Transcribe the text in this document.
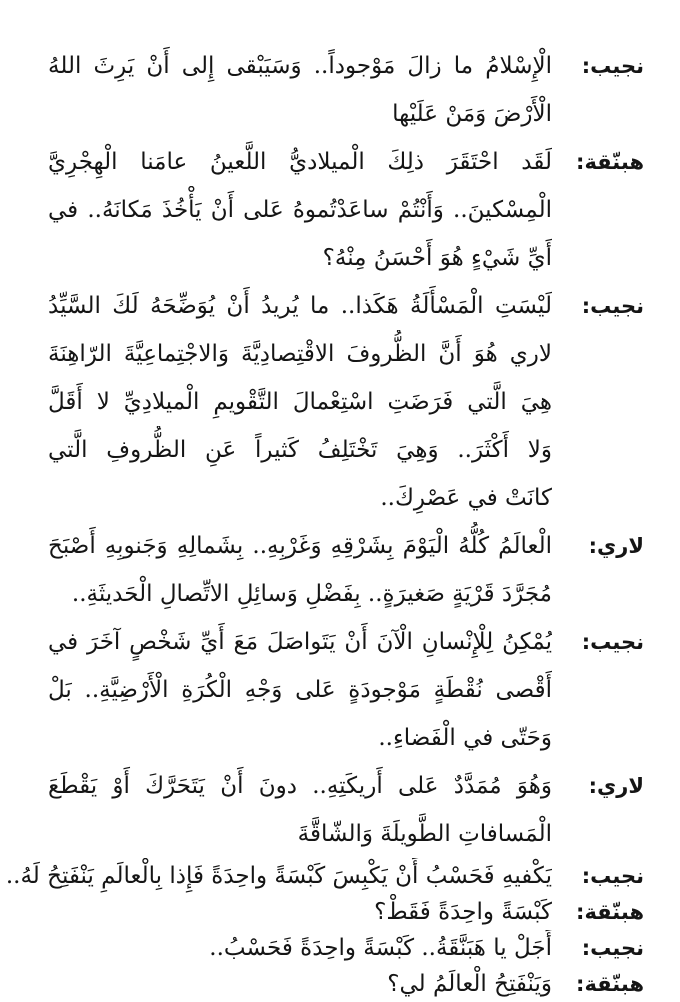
نجيب:
الْإِسْلامُ ما زالَ مَوْجوداً.. وَسَيَبْقى إِلى أَنْ يَرِثَ اللهُ
الْأَرْضَ وَمَنْ عَلَيْها
هبنّقة:
لَقَد احْتَقَرَ ذلِكَ الْميلاديُّ اللَّعينُ عامَنا الْهِجْرِيَّ
الْمِسْكينَ.. وَأَنْتُمْ ساعَدْتُموهُ عَلى أَنْ يَأْخُذَ مَكانَهُ.. في
أَيِّ شَيْءٍ هُوَ أَحْسَنُ مِنْهُ؟
نجيب:
لَيْسَتِ الْمَسْأَلَةُ هَكَذا.. ما يُريدُ أَنْ يُوَضِّحَهُ لَكَ السَّيِّدُ
لاري هُوَ أَنَّ الظُّروفَ الاقْتِصادِيَّةَ وَالاجْتِماعِيَّةَ الرّاهِنَةَ
هِيَ الَّتي فَرَضَتِ اسْتِعْمالَ التَّقْويمِ الْميلادِيِّ لا أَقَلَّ
وَلا أَكْثَرَ.. وَهِيَ تَخْتَلِفُ كَثيراً عَنِ الظُّروفِ الَّتي
كانَتْ في عَصْرِكَ..
لاري:
الْعالَمُ كُلُّهُ الْيَوْمَ بِشَرْقِهِ وَغَرْبِهِ.. بِشَمالِهِ وَجَنوبِهِ أَصْبَحَ
مُجَرَّدَ قَرْيَةٍ صَغيرَةٍ.. بِفَضْلِ وَسائِلِ الاتِّصالِ الْحَديثَةِ..
نجيب:
يُمْكِنُ لِلْإِنْسانِ الْآنَ أَنْ يَتَواصَلَ مَعَ أَيِّ شَخْصٍ آخَرَ في
أَقْصى نُقْطَةٍ مَوْجودَةٍ عَلى وَجْهِ الْكُرَةِ الْأَرْضِيَّةِ.. بَلْ
وَحَتّى في الْفَضاءِ..
لاري:
وَهُوَ مُمَدَّدٌ عَلى أَريكَتِهِ.. دونَ أَنْ يَتَحَرَّكَ أَوْ يَقْطَعَ
الْمَسافاتِ الطَّويلَةَ وَالشّاقَّةَ
نجيب:
يَكْفيهِ فَحَسْبُ أَنْ يَكْبِسَ كَبْسَةً واحِدَةً فَإِذا بِالْعالَمِ يَنْفَتِحُ لَهُ..
هبنّقة:
كَبْسَةً واحِدَةً فَقَطْ؟
نجيب:
أَجَلْ يا هَبَنَّقَةُ.. كَبْسَةً واحِدَةً فَحَسْبُ..
هبنّقة:
وَيَنْفَتِحُ الْعالَمُ لي؟
